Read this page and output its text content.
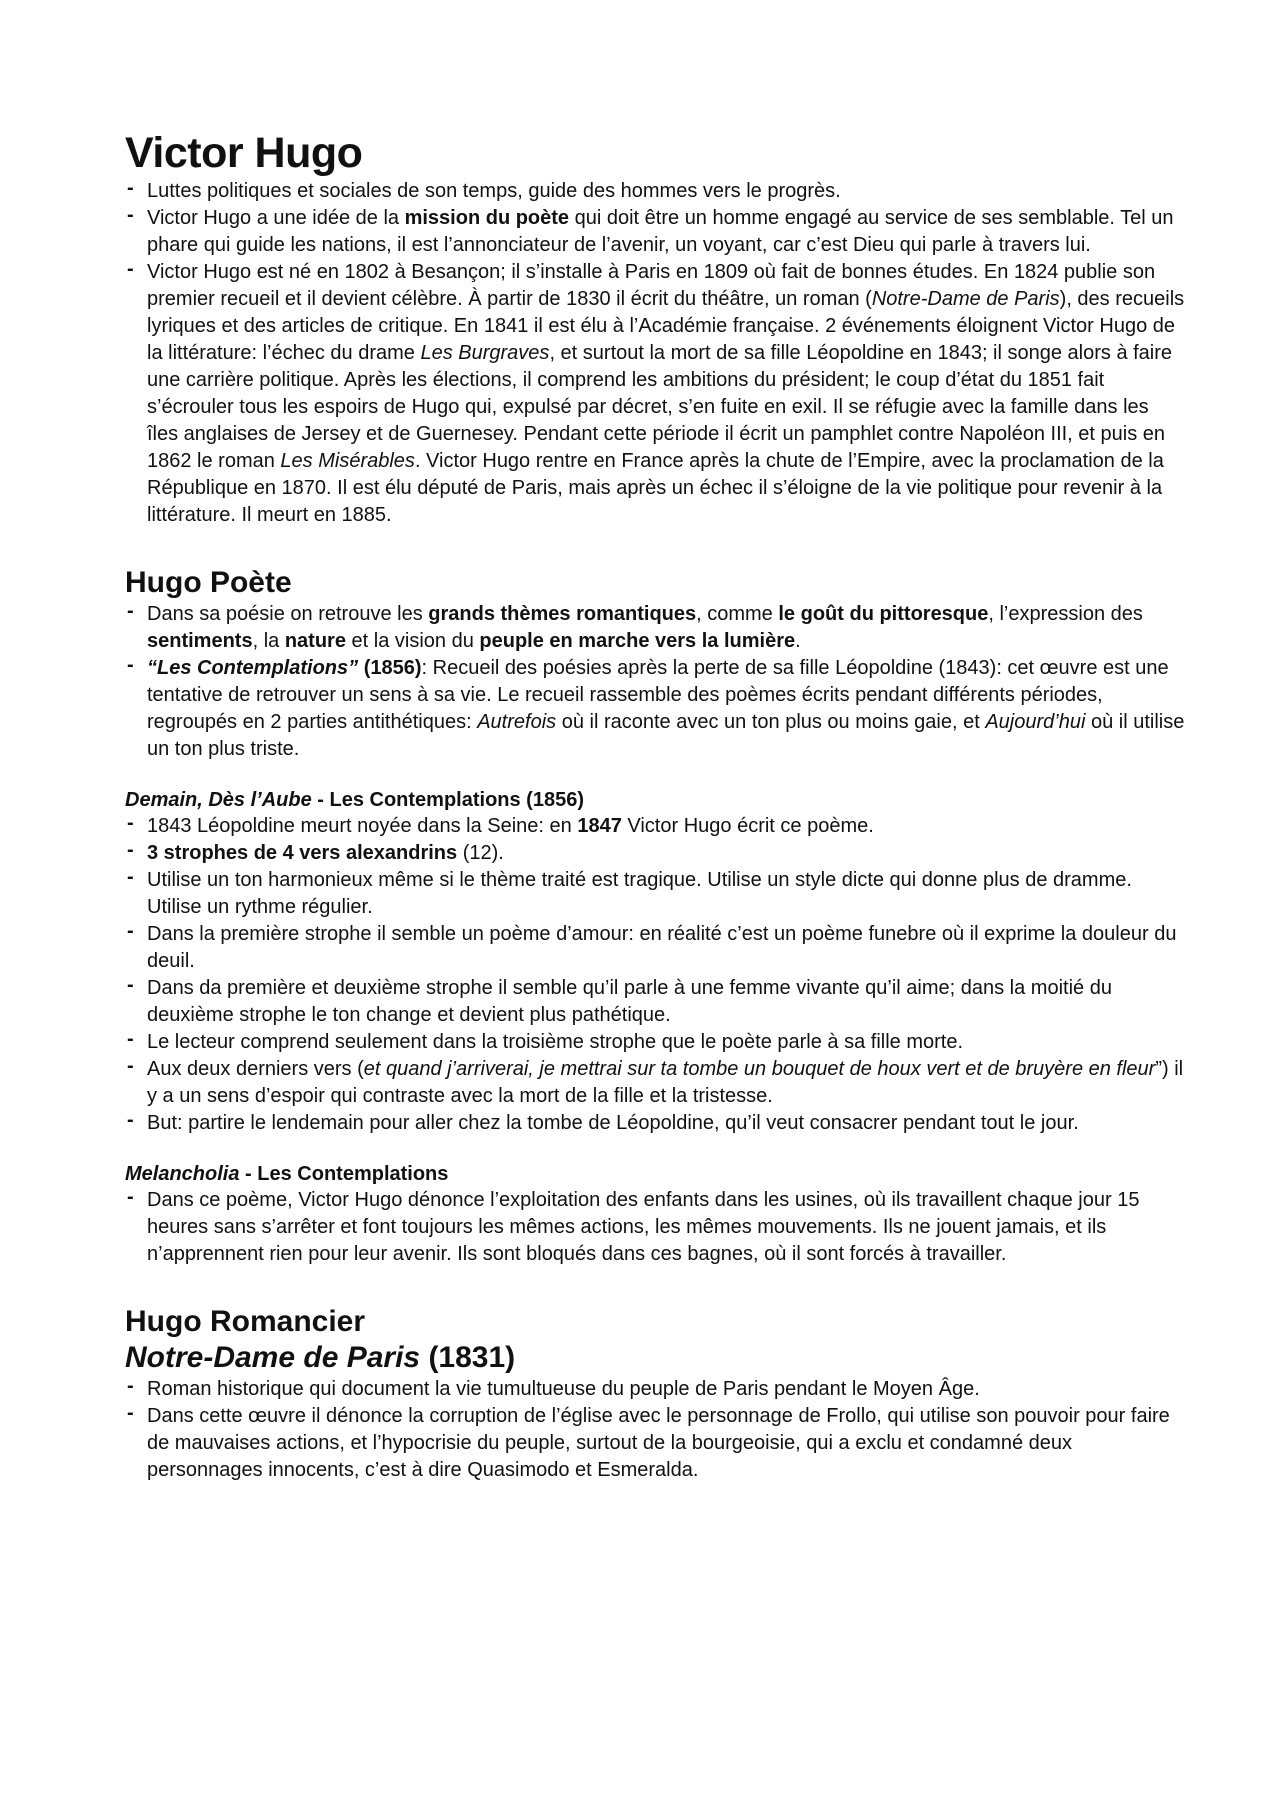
Victor Hugo
- Luttes politiques et sociales de son temps, guide des hommes vers le progrès.
- Victor Hugo a une idée de la mission du poète qui doit être un homme engagé au service de ses semblable. Tel un phare qui guide les nations, il est l’annonciateur de l’avenir, un voyant, car c’est Dieu qui parle à travers lui.
- Victor Hugo est né en 1802 à Besançon; il s’installe à Paris en 1809 où fait de bonnes études. En 1824 publie son premier recueil et il devient célèbre. À partir de 1830 il écrit du théâtre, un roman (Notre-Dame de Paris), des recueils lyriques et des articles de critique. En 1841 il est élu à l’Académie française. 2 événements éloignent Victor Hugo de la littérature: l’échec du drame Les Burgraves, et surtout la mort de sa fille Léopoldine en 1843; il songe alors à faire une carrière politique. Après les élections, il comprend les ambitions du président; le coup d’état du 1851 fait s’écrouler tous les espoirs de Hugo qui, expulsé par décret, s’en fuite en exil. Il se réfugie avec la famille dans les îles anglaises de Jersey et de Guernesey. Pendant cette période il écrit un pamphlet contre Napoléon III, et puis en 1862 le roman Les Misérables. Victor Hugo rentre en France après la chute de l’Empire, avec la proclamation de la République en 1870. Il est élu député de Paris, mais après un échec il s’éloigne de la vie politique pour revenir à la littérature. Il meurt en 1885.
Hugo Poète
- Dans sa poésie on retrouve les grands thèmes romantiques, comme le goût du pittoresque, l’expression des sentiments, la nature et la vision du peuple en marche vers la lumière.
- “Les Contemplations” (1856): Recueil des poésies après la perte de sa fille Léopoldine (1843): cet œuvre est une tentative de retrouver un sens à sa vie. Le recueil rassemble des poèmes écrits pendant différents périodes, regroupés en 2 parties antithétiques: Autrefois où il raconte avec un ton plus ou moins gaie, et Aujourd’hui où il utilise un ton plus triste.

Demain, Dès l’Aube - Les Contemplations (1856)

- 1843 Léopoldine meurt noyée dans la Seine: en 1847 Victor Hugo écrit ce poème.
- 3 strophes de 4 vers alexandrins (12).
- Utilise un ton harmonieux même si le thème traité est tragique. Utilise un style dicte qui donne plus de dramme. Utilise un rythme régulier.
- Dans la première strophe il semble un poème d’amour: en réalité c’est un poème funebre où il exprime la douleur du deuil.
- Dans da première et deuxième strophe il semble qu’il parle à une femme vivante qu’il aime; dans la moitié du deuxième strophe le ton change et devient plus pathétique.
- Le lecteur comprend seulement dans la troisième strophe que le poète parle à sa fille morte.
- Aux deux derniers vers (et quand j’arriverai, je mettrai sur ta tombe un bouquet de houx vert et de bruyère en fleur”) il y a un sens d’espoir qui contraste avec la mort de la fille et la tristesse.
- But: partire le lendemain pour aller chez la tombe de Léopoldine, qu’il veut consacrer pendant tout le jour.

Melancholia - Les Contemplations

- Dans ce poème, Victor Hugo dénonce l’exploitation des enfants dans les usines, où ils travaillent chaque jour 15 heures sans s’arrêter et font toujours les mêmes actions, les mêmes mouvements. Ils ne jouent jamais, et ils n’apprennent rien pour leur avenir. Ils sont bloqués dans ces bagnes, où il sont forcés à travailler.
Hugo Romancier
Notre-Dame de Paris (1831)
- Roman historique qui document la vie tumultueuse du peuple de Paris pendant le Moyen Âge.
- Dans cette œuvre il dénonce la corruption de l’église avec le personnage de Frollo, qui utilise son pouvoir pour faire de mauvaises actions, et l’hypocrisie du peuple, surtout de la bourgeoisie, qui a exclu et condamné deux personnages innocents, c’est à dire Quasimodo et Esmeralda.
